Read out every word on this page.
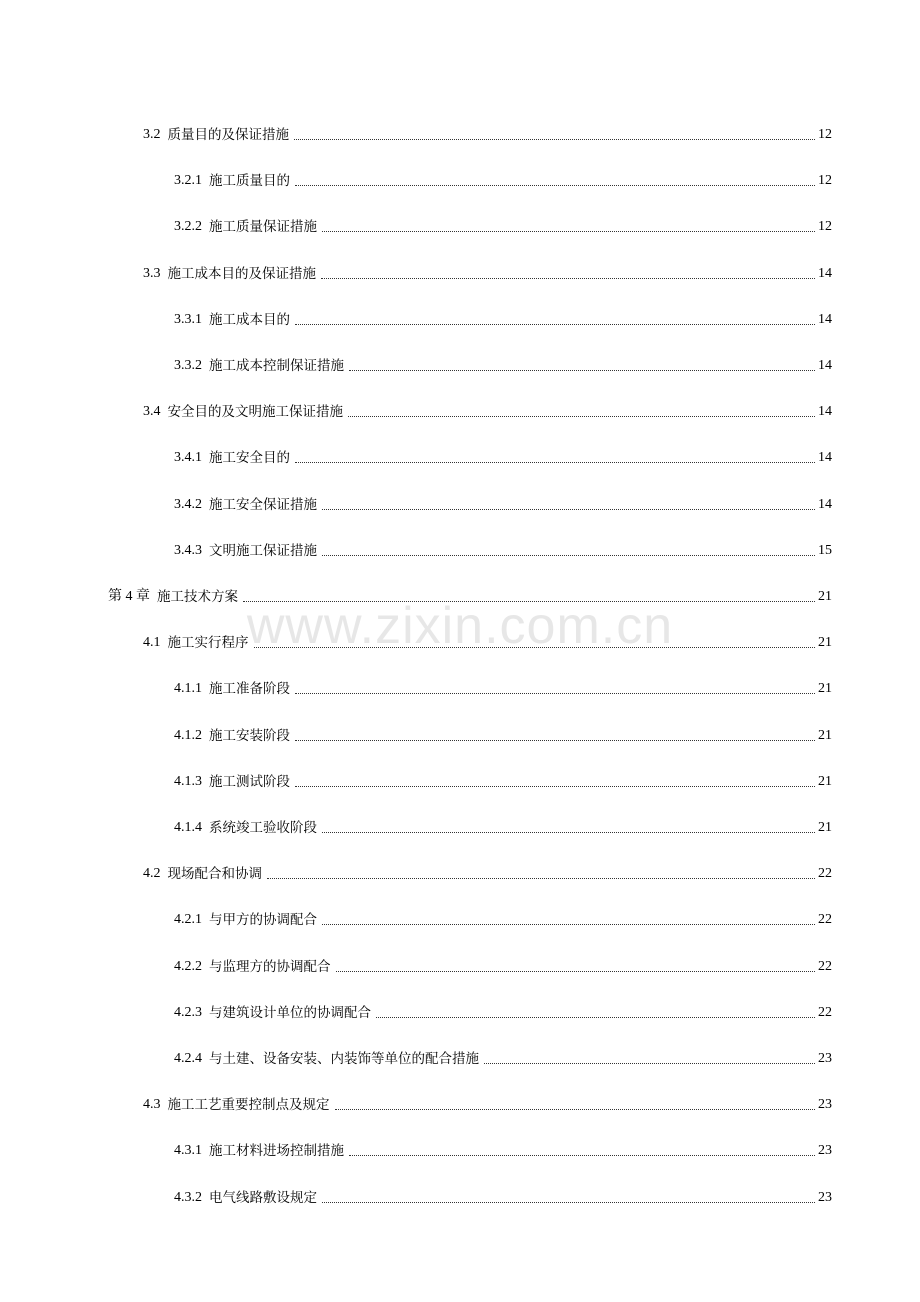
3.2 质量目的及保证措施	12
3.2.1 施工质量目的	12
3.2.2 施工质量保证措施	12
3.3 施工成本目的及保证措施	14
3.3.1 施工成本目的	14
3.3.2 施工成本控制保证措施	14
3.4 安全目的及文明施工保证措施	14
3.4.1 施工安全目的	14
3.4.2 施工安全保证措施	14
3.4.3 文明施工保证措施	15
第 4 章 施工技术方案	21
4.1 施工实行程序	21
4.1.1 施工准备阶段	21
4.1.2 施工安装阶段	21
4.1.3 施工测试阶段	21
4.1.4 系统竣工验收阶段	21
4.2 现场配合和协调	22
4.2.1 与甲方的协调配合	22
4.2.2 与监理方的协调配合	22
4.2.3 与建筑设计单位的协调配合	22
4.2.4 与土建、设备安装、内装饰等单位的配合措施	23
4.3 施工工艺重要控制点及规定	23
4.3.1 施工材料进场控制措施	23
4.3.2 电气线路敷设规定	23
www.zixin.com.cn
